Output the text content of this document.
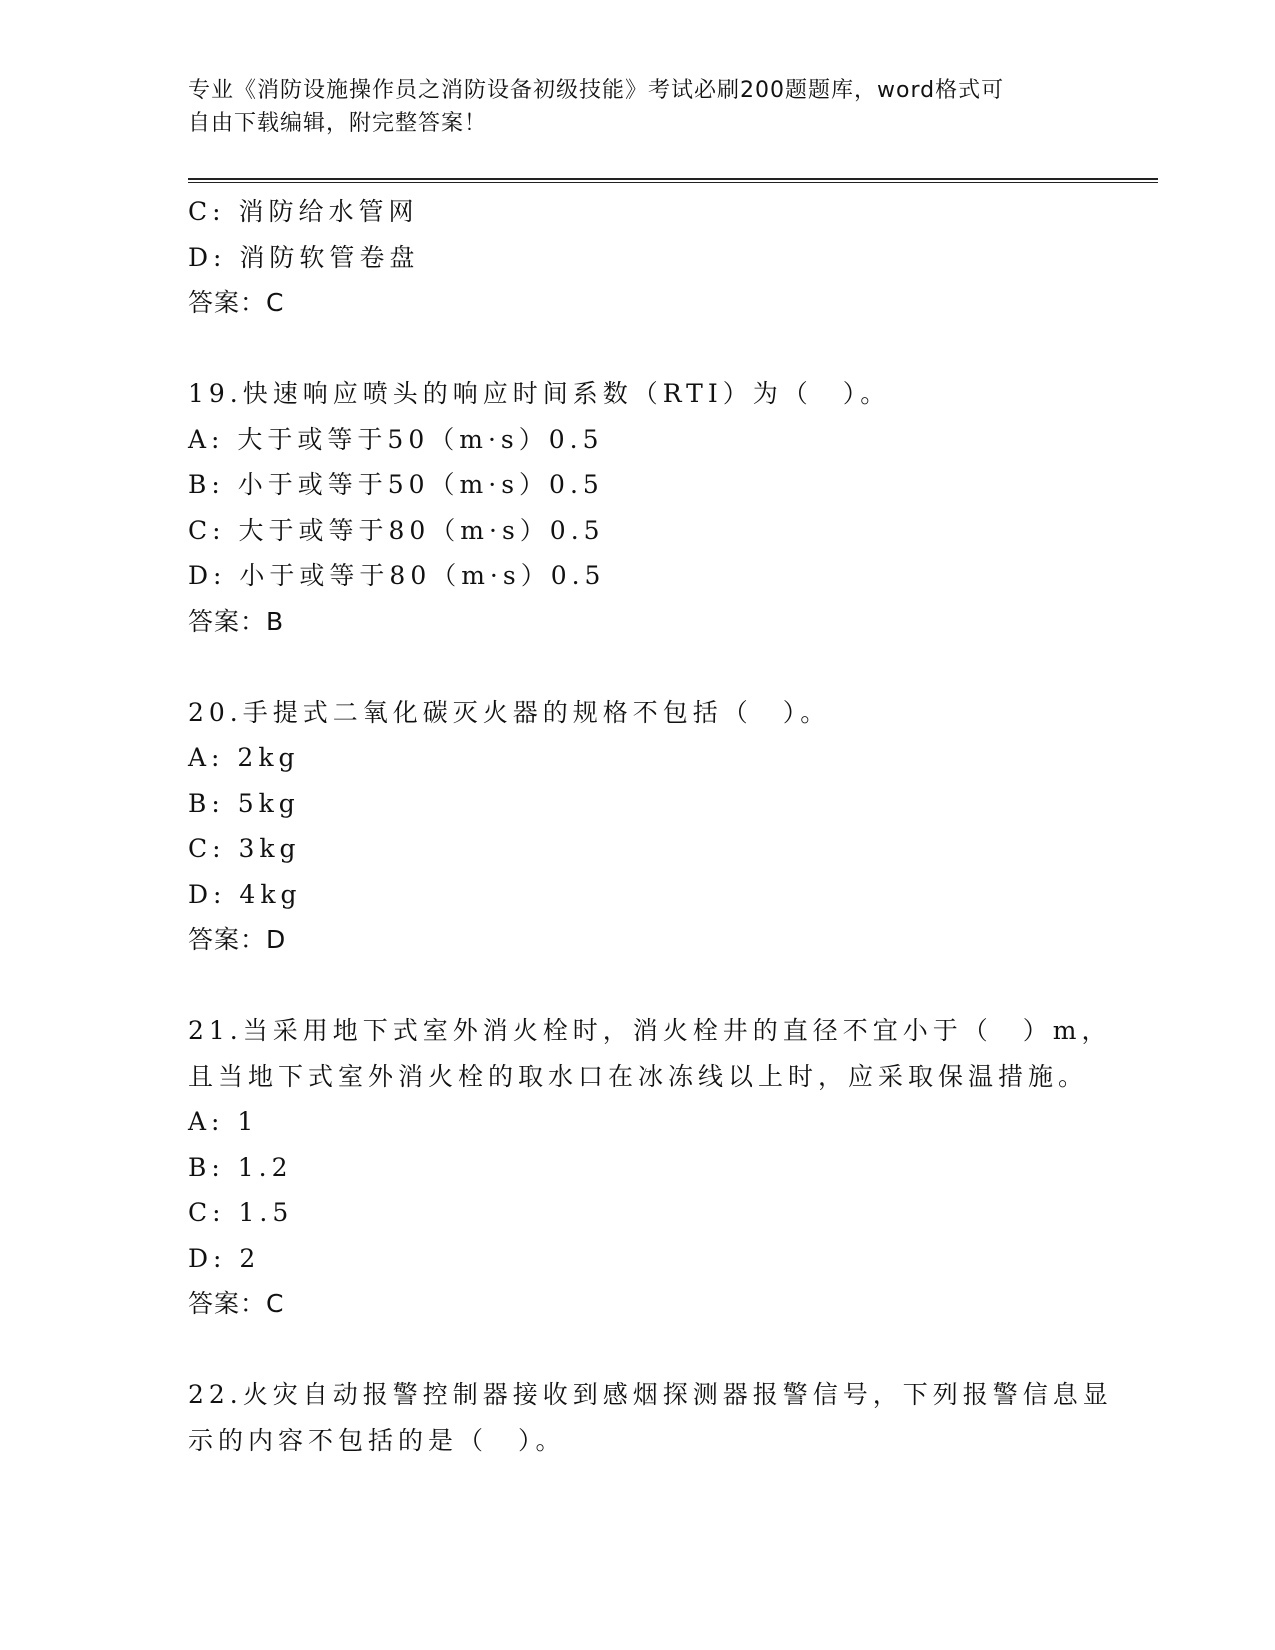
专业《消防设施操作员之消防设备初级技能》考试必刷200题题库，word格式可
自由下载编辑，附完整答案！
C: 消防给水管网
D: 消防软管卷盘
答案：C
19.快速响应喷头的响应时间系数（RTI）为（　）。
A: 大于或等于50（m·s）0.5
B: 小于或等于50（m·s）0.5
C: 大于或等于80（m·s）0.5
D: 小于或等于80（m·s）0.5
答案：B
20.手提式二氧化碳灭火器的规格不包括（　）。
A: 2kg
B: 5kg
C: 3kg
D: 4kg
答案：D
21.当采用地下式室外消火栓时，消火栓井的直径不宜小于（　）m，
且当地下式室外消火栓的取水口在冰冻线以上时，应采取保温措施。
A: 1
B: 1.2
C: 1.5
D: 2
答案：C
22.火灾自动报警控制器接收到感烟探测器报警信号，下列报警信息显
示的内容不包括的是（　）。
